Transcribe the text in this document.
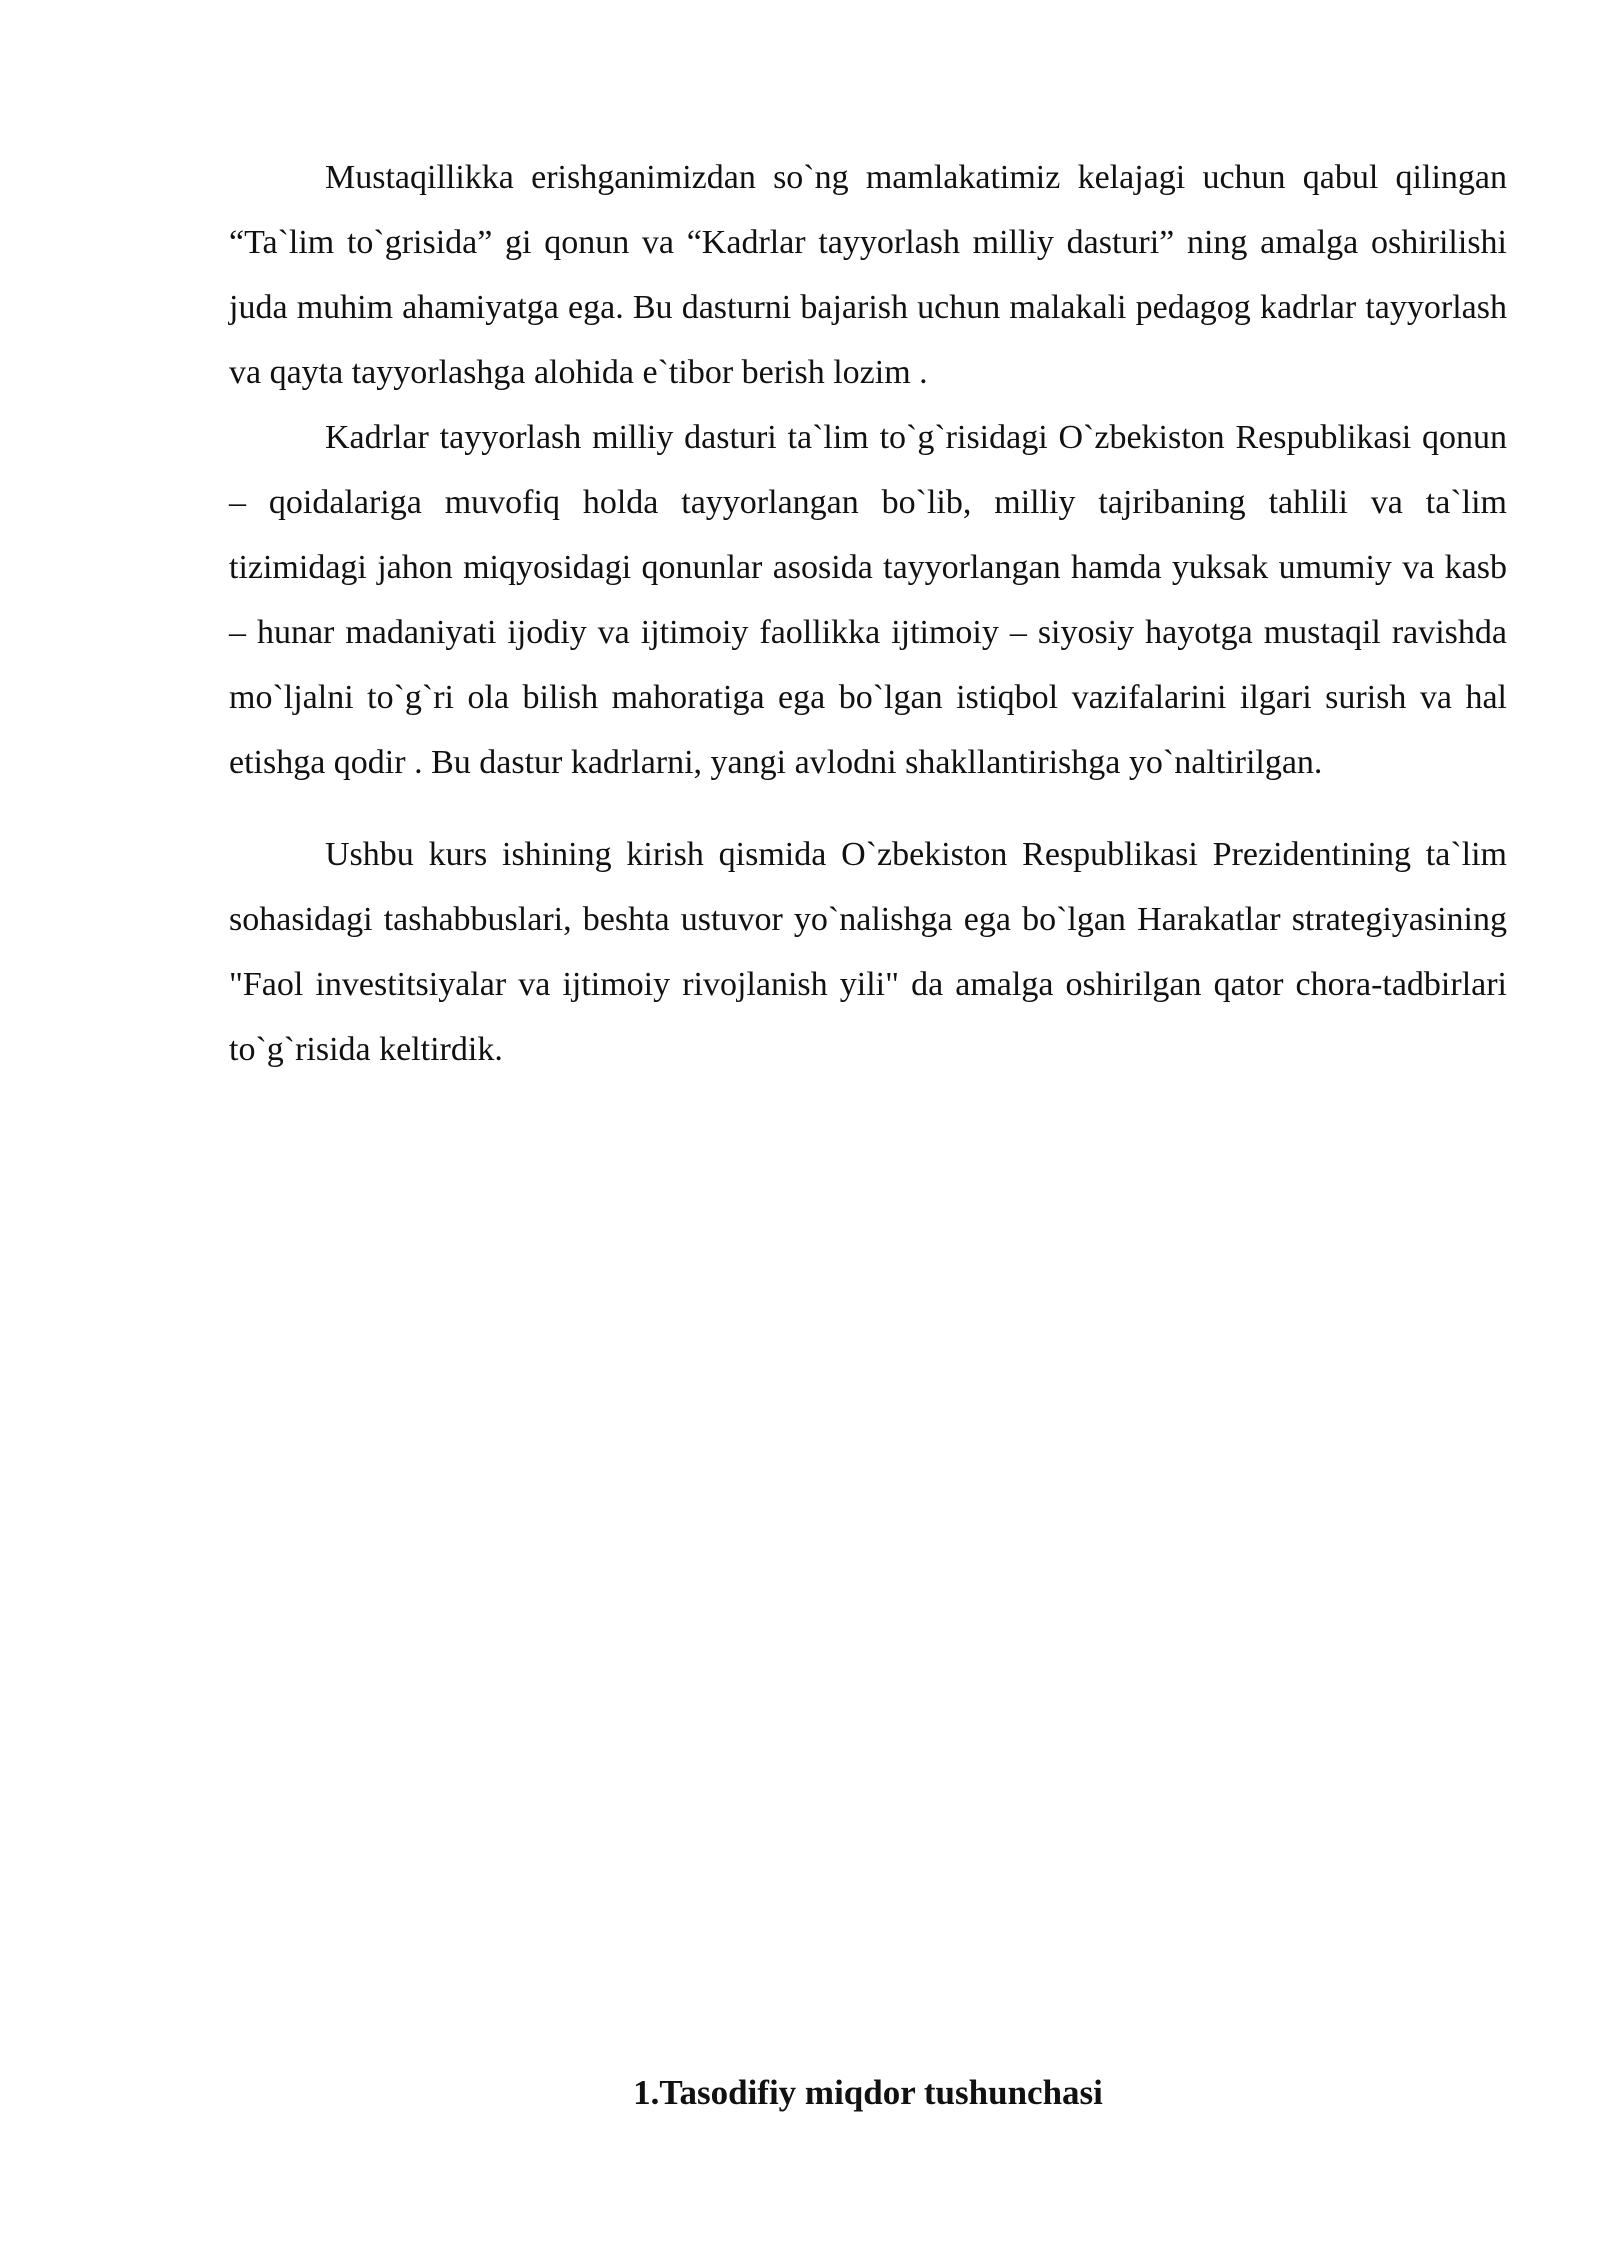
Mustaqillikka erishganimizdan so`ng mamlakatimiz kelajagi uchun qabul qilingan “Ta`lim to`grisida” gi qonun va “Kadrlar tayyorlash milliy dasturi” ning amalga oshirilishi juda muhim ahamiyatga ega. Bu dasturni bajarish uchun malakali pedagog kadrlar tayyorlash va qayta tayyorlashga alohida e`tibor berish lozim .

Kadrlar tayyorlash milliy dasturi ta`lim to`g`risidagi O`zbekiston Respublikasi qonun – qoidalariga muvofiq holda tayyorlangan bo`lib, milliy tajribaning tahlili va ta`lim tizimidagi jahon miqyosidagi qonunlar asosida tayyorlangan hamda yuksak umumiy va kasb – hunar madaniyati ijodiy va ijtimoiy faollikka ijtimoiy – siyosiy hayotga mustaqil ravishda mo`ljalni to`g`ri ola bilish mahoratiga ega bo`lgan istiqbol vazifalarini ilgari surish va hal etishga qodir . Bu dastur kadrlarni, yangi avlodni shakllantirishga yo`naltirilgan.

Ushbu kurs ishining kirish qismida O`zbekiston Respublikasi Prezidentining ta`lim sohasidagi tashabbuslari, beshta ustuvor yo`nalishga ega bo`lgan Harakatlar strategiyasining "Faol investitsiyalar va ijtimoiy rivojlanish yili" da amalga oshirilgan qator chora-tadbirlari to`g`risida keltirdik.

1.Tasodifiy miqdor tushunchasi
